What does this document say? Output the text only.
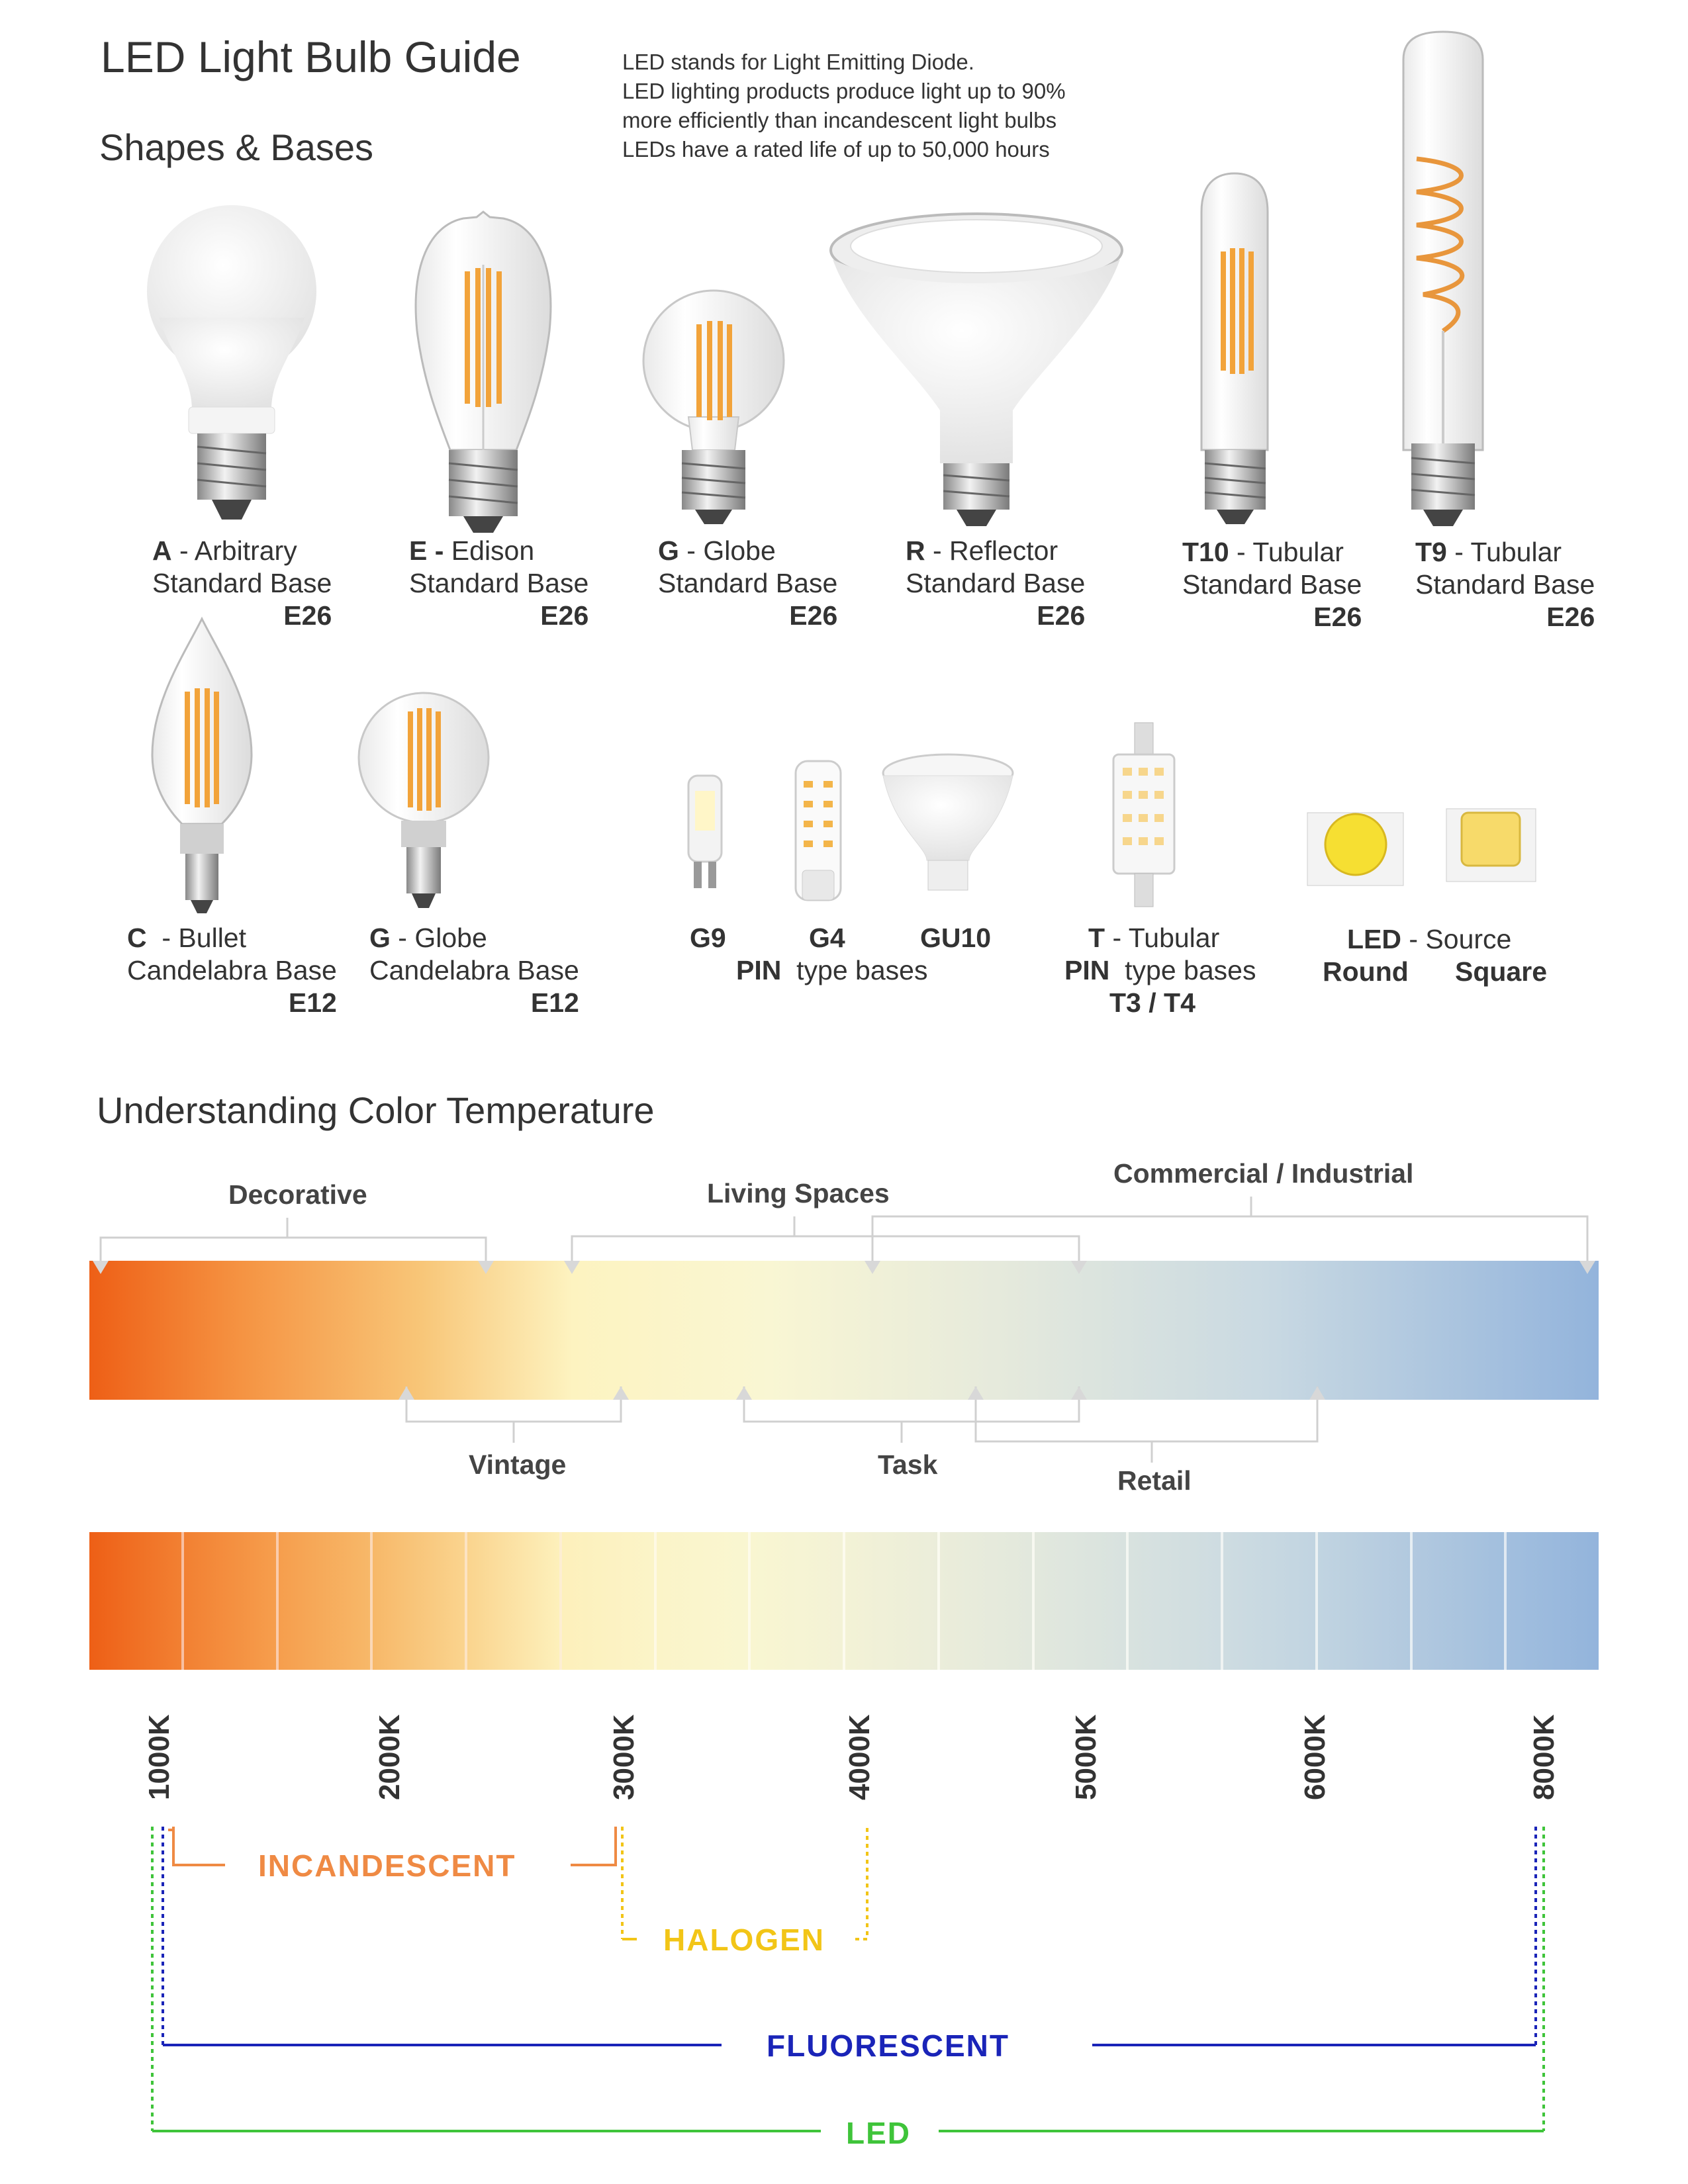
LED Light Bulb Guide
Shapes & Bases
LED stands for Light Emitting Diode.
LED lighting products produce light up to 90%
more efficiently than incandescent light bulbs
LEDs have a rated life of up to 50,000 hours
A - Arbitrary
Standard Base
E26
E - Edison
Standard Base
E26
G - Globe
Standard Base
E26
R - Reflector
Standard Base
E26
T10 - Tubular
Standard Base
E26
T9 - Tubular
Standard Base
E26
C  - Bullet
Candelabra Base
E12
G - Globe
Candelabra Base
E12
G9	G4	GU10
PIN type bases
T - Tubular
PIN type bases
T3 / T4
LED - Source
Round Square
Understanding Color Temperature
Decorative	Living Spaces
Commercial / Industrial
Vintage	Task
Retail
1000K	2000K	3000K	4000K	5000K	6000K	8000K
INCANDESCENT
HALOGEN
FLUORESCENT
LED
